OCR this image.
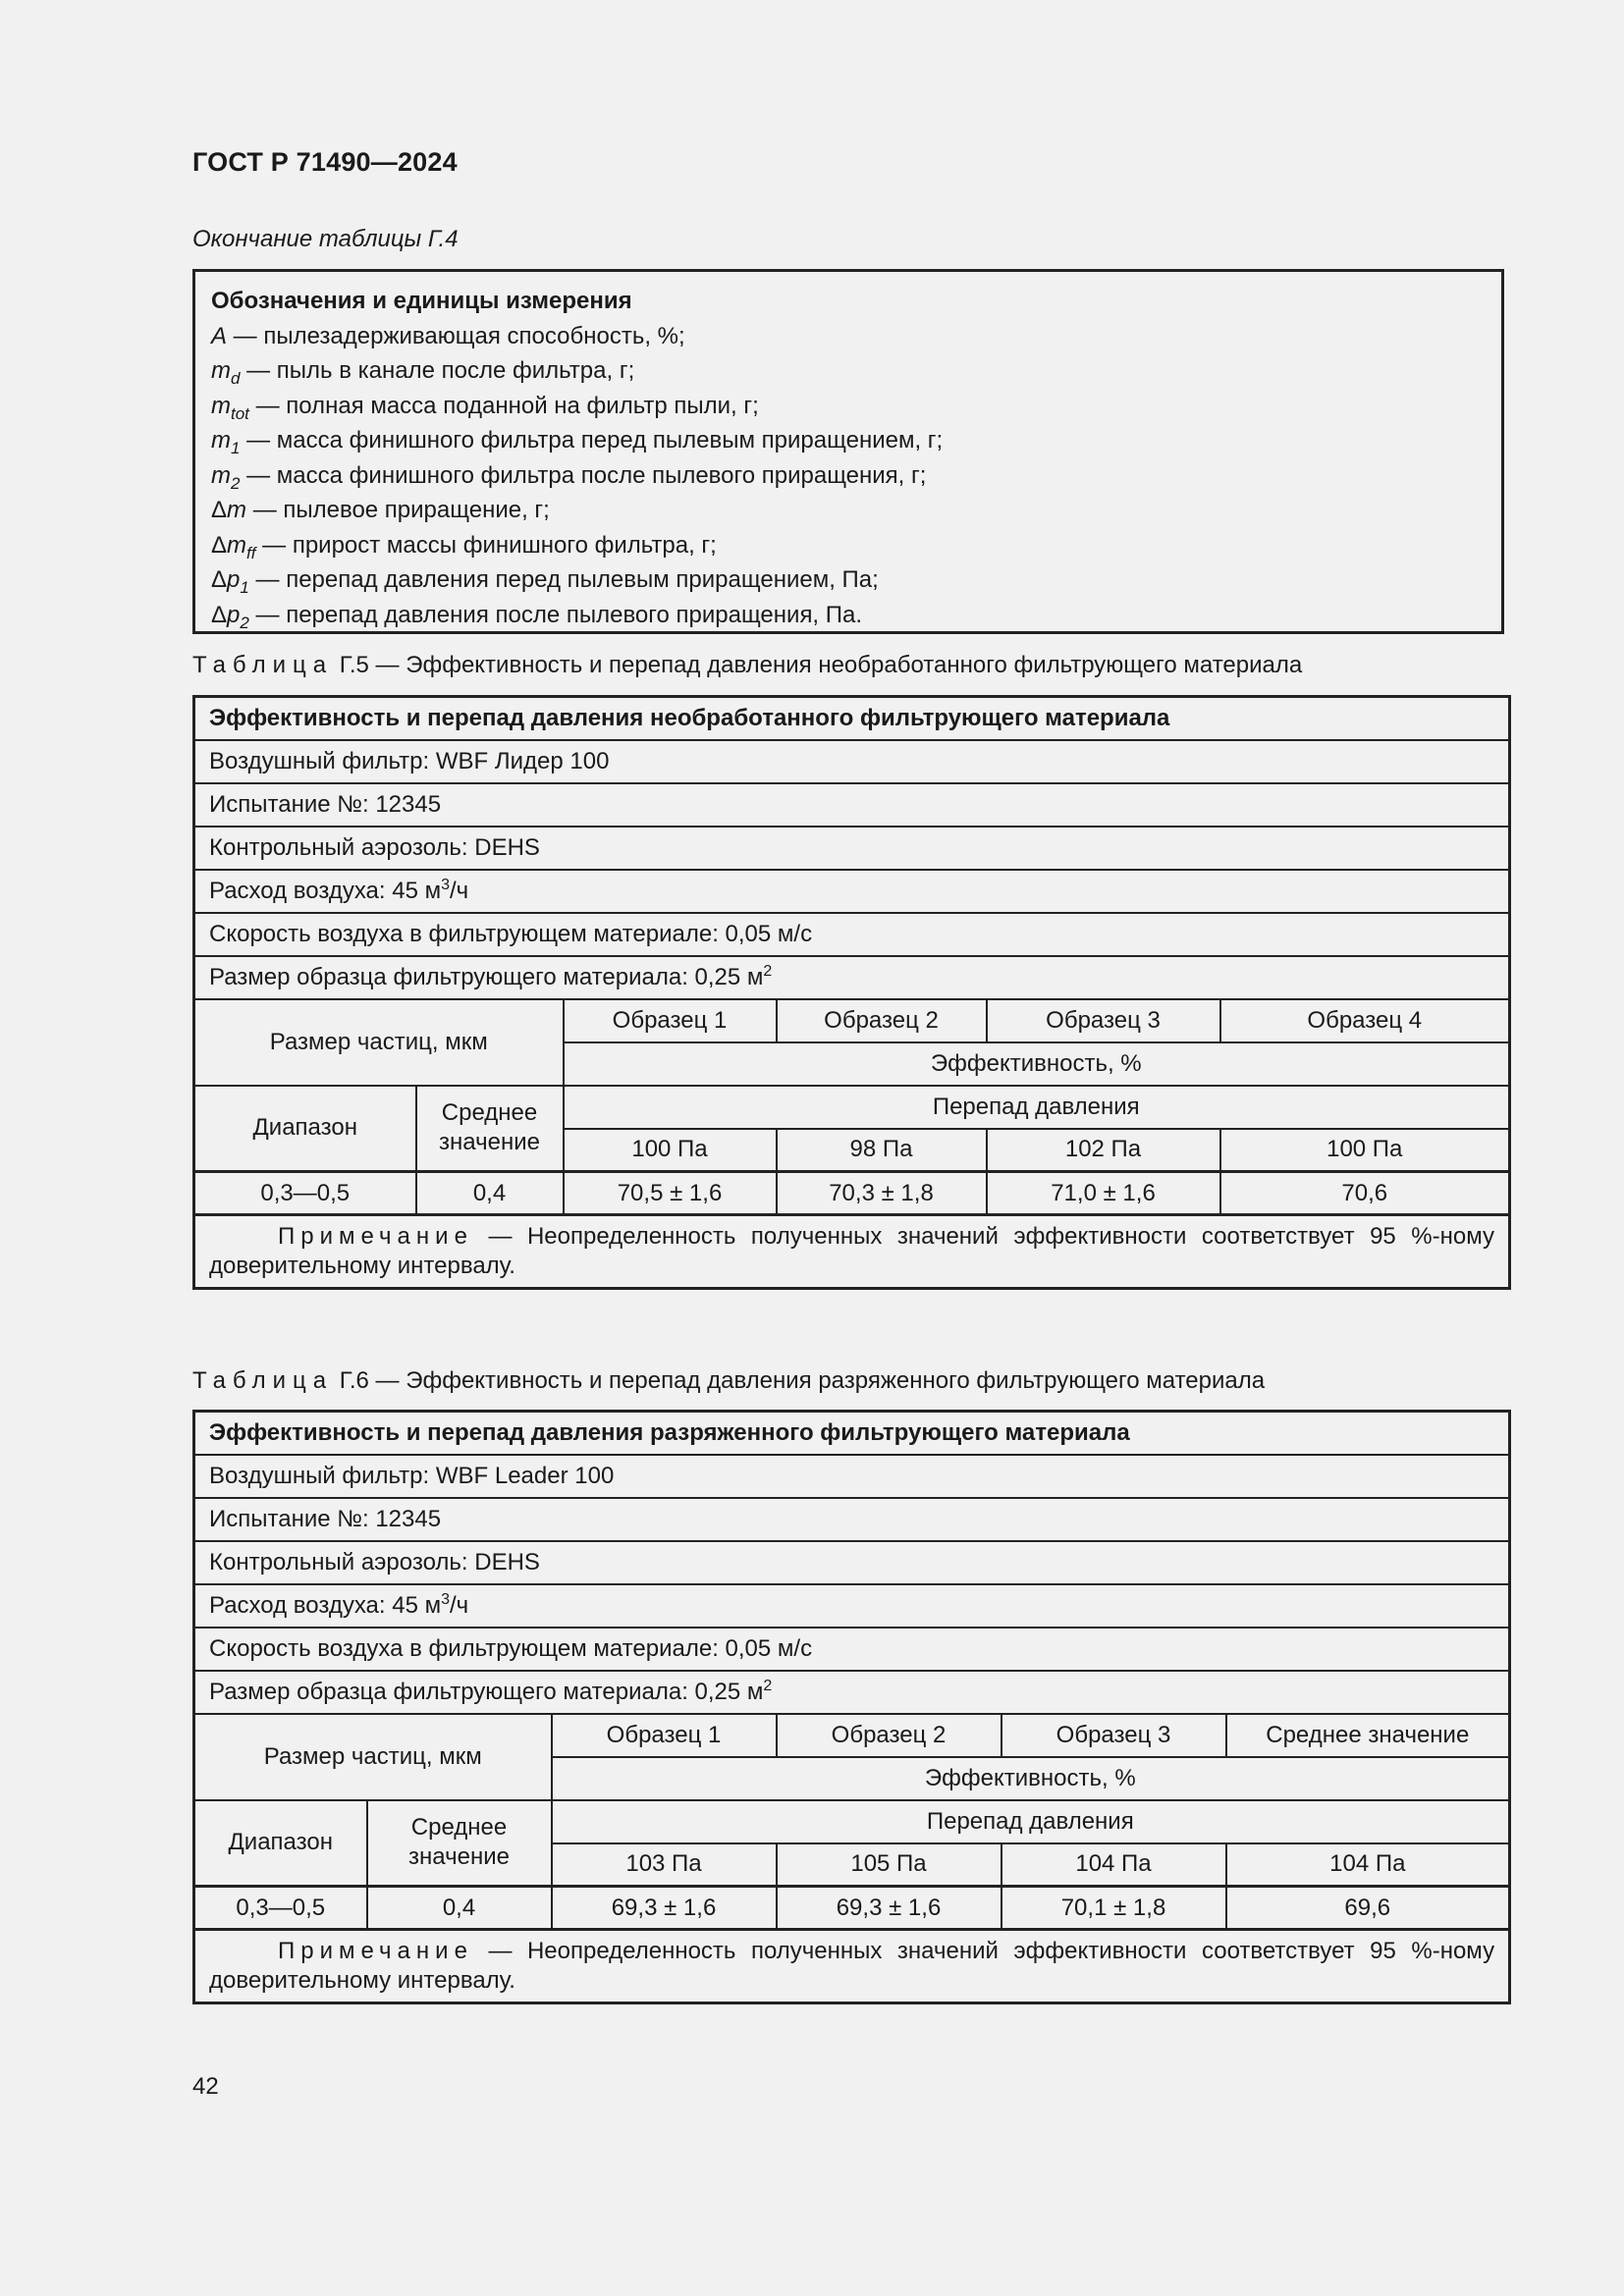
ГОСТ Р 71490—2024
Окончание таблицы Г.4
Обозначения и единицы измерения
A — пылезадерживающая способность, %;
$m_d$ — пыль в канале после фильтра, г;
$m_{tot}$ — полная масса поданной на фильтр пыли, г;
$m_1$ — масса финишного фильтра перед пылевым приращением, г;
$m_2$ — масса финишного фильтра после пылевого приращения, г;
Δm — пылевое приращение, г;
$\Delta m_{ff}$ — прирост массы финишного фильтра, г;
$\Delta p_1$ — перепад давления перед пылевым приращением, Па;
$\Delta p_2$ — перепад давления после пылевого приращения, Па.
Таблица Г.5 — Эффективность и перепад давления необработанного фильтрующего материала
Эффективность и перепад давления необработанного фильтрующего материала					
Воздушный фильтр: WBF Лидер 100					
Испытание №: 12345					
Контрольный аэрозоль: DEHS					
Расход воздуха: 45 $м^3/ч$					
Скорость воздуха в фильтрующем материале: 0,05 м/с					
Размер образца фильтрующего материала: 0,25 $м^2$
Размер частиц, мкм		Образец 1	Образец 2	Образец 3	Образец 4
		Эффективность, %			
Диапазон	Среднее значение	Перепад давления			
		100 Па	98 Па	102 Па	100 Па
0,3—0,5	0,4	70,5 ± 1,6	70,3 ± 1,8	71,0 ± 1,6	70,6
Примечание — Неопределенность полученных значений эффективности соответствует 95 %-ному доверительному интервалу.					
Таблица Г.6 — Эффективность и перепад давления разряженного фильтрующего материала
Эффективность и перепад давления разряженного фильтрующего материала					
Воздушный фильтр: WBF Leader 100					
Испытание №: 12345					
Контрольный аэрозоль: DEHS					
Расход воздуха: 45 $м^3/ч$					
Скорость воздуха в фильтрующем материале: 0,05 м/с					
Размер образца фильтрующего материала: 0,25 $м^2$
Размер частиц, мкм		Образец 1	Образец 2	Образец 3	Среднее значение
		Эффективность, %			
Диапазон	Среднее значение	Перепад давления			
		103 Па	105 Па	104 Па	104 Па
0,3—0,5	0,4	69,3 ± 1,6	69,3 ± 1,6	70,1 ± 1,8	69,6
Примечание — Неопределенность полученных значений эффективности соответствует 95 %-ному доверительному интервалу.					
42
